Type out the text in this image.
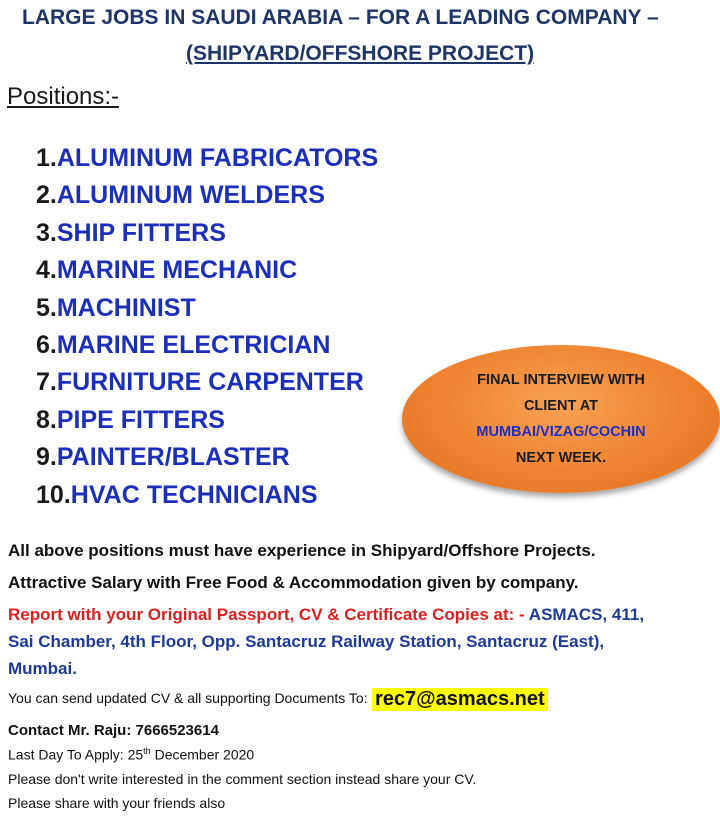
LARGE JOBS IN SAUDI ARABIA – FOR A LEADING COMPANY –
(SHIPYARD/OFFSHORE PROJECT)
Positions:-
1.ALUMINUM FABRICATORS
2.ALUMINUM WELDERS
3.SHIP FITTERS
4.MARINE MECHANIC
5.MACHINIST
6.MARINE ELECTRICIAN
7.FURNITURE CARPENTER
8.PIPE FITTERS
9.PAINTER/BLASTER
10.HVAC TECHNICIANS
FINAL INTERVIEW WITH
CLIENT AT
MUMBAI/VIZAG/COCHIN
NEXT WEEK.
All above positions must have experience in Shipyard/Offshore Projects.
Attractive Salary with Free Food & Accommodation given by company.
Report with your Original Passport, CV & Certificate Copies at: - ASMACS, 411,
Sai Chamber, 4th Floor, Opp. Santacruz Railway Station, Santacruz (East),
Mumbai.
You can send updated CV & all supporting Documents To: rec7@asmacs.net
Contact Mr. Raju: 7666523614
Last Day To Apply: 25th December 2020
Please don't write interested in the comment section instead share your CV.
Please share with your friends also
